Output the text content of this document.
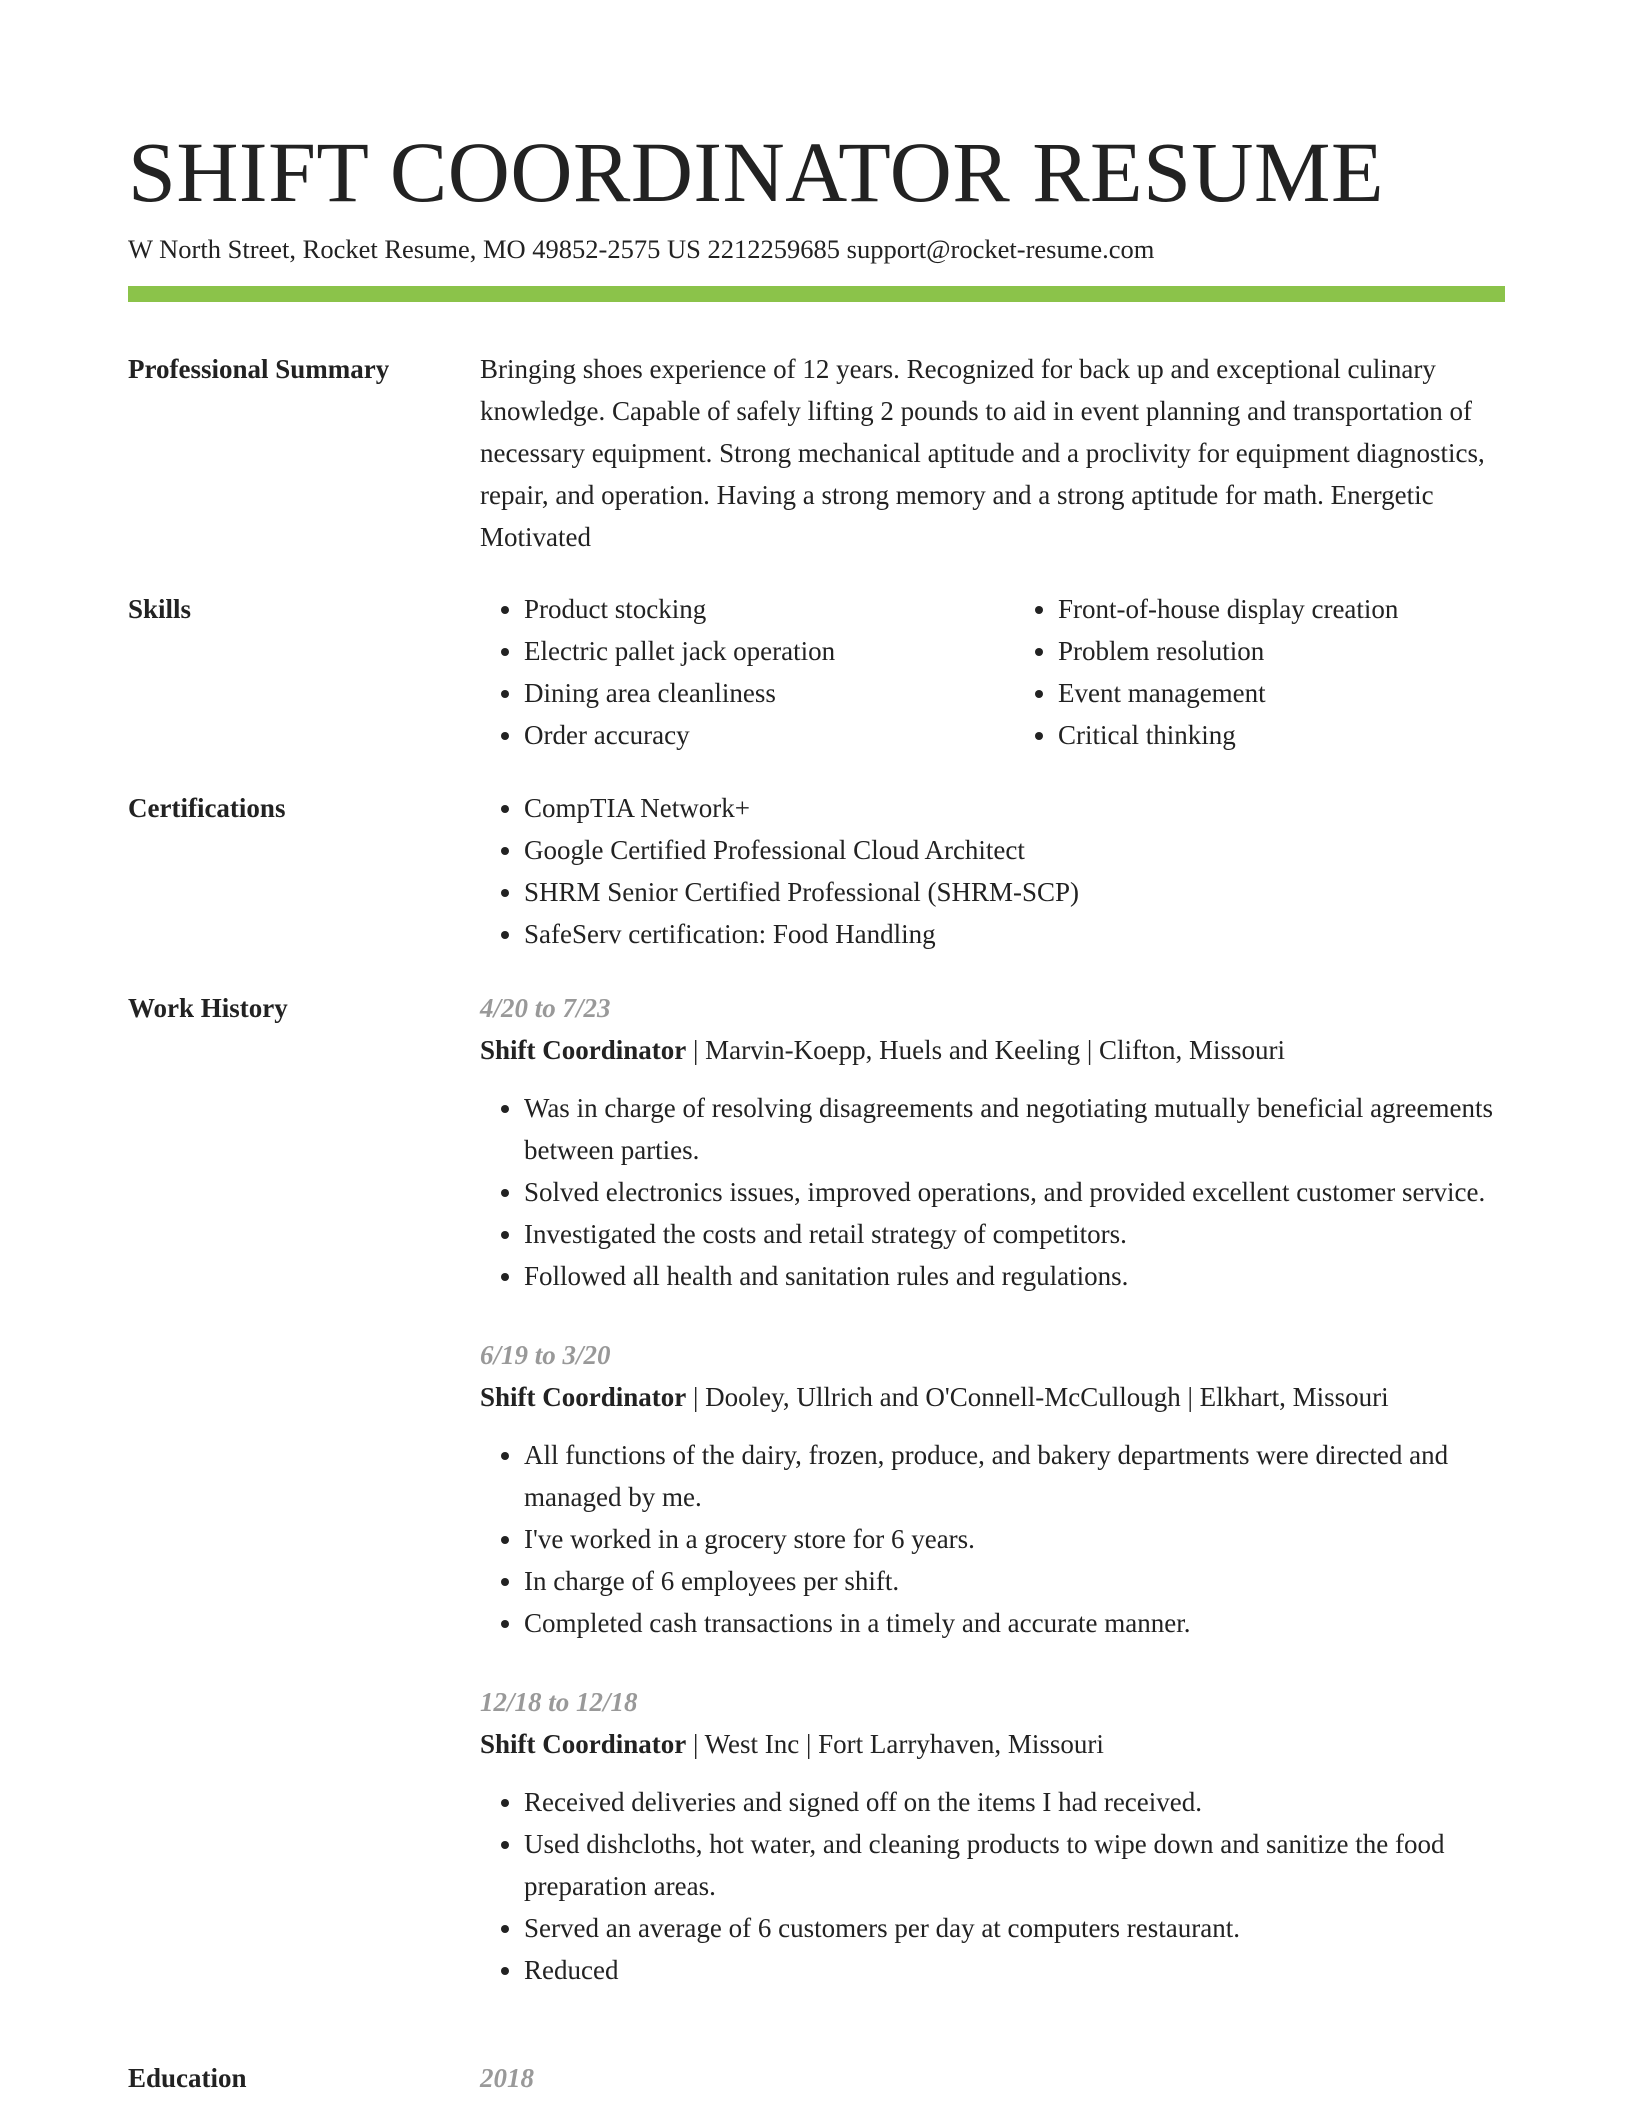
SHIFT COORDINATOR RESUME
W North Street, Rocket Resume, MO 49852-2575 US 2212259685 support@rocket-resume.com
Professional Summary	Bringing shoes experience of 12 years. Recognized for back up and exceptional culinary knowledge. Capable of safely lifting 2 pounds to aid in event planning and transportation of necessary equipment. Strong mechanical aptitude and a proclivity for equipment diagnostics, repair, and operation. Having a strong memory and a strong aptitude for math. Energetic Motivated

Skills	• Product stocking
• Electric pallet jack operation
• Dining area cleanliness
• Order accuracy
• Front-of-house display creation
• Problem resolution
• Event management
• Critical thinking
Certifications	• CompTIA Network+
• Google Certified Professional Cloud Architect
• SHRM Senior Certified Professional (SHRM-SCP)
• SafeServ certification: Food Handling
Work History	4/20 to 7/23
Shift Coordinator | Marvin-Koepp, Huels and Keeling | Clifton, Missouri
• Was in charge of resolving disagreements and negotiating mutually beneficial agreements between parties.
• Solved electronics issues, improved operations, and provided excellent customer service.
• Investigated the costs and retail strategy of competitors.
• Followed all health and sanitation rules and regulations.
6/19 to 3/20
Shift Coordinator | Dooley, Ullrich and O'Connell-McCullough | Elkhart, Missouri
• All functions of the dairy, frozen, produce, and bakery departments were directed and managed by me.
• I've worked in a grocery store for 6 years.
• In charge of 6 employees per shift.
• Completed cash transactions in a timely and accurate manner.
12/18 to 12/18
Shift Coordinator | West Inc | Fort Larryhaven, Missouri
• Received deliveries and signed off on the items I had received.
• Used dishcloths, hot water, and cleaning products to wipe down and sanitize the food preparation areas.
• Served an average of 6 customers per day at computers restaurant.
• Reduced
Education	2018
